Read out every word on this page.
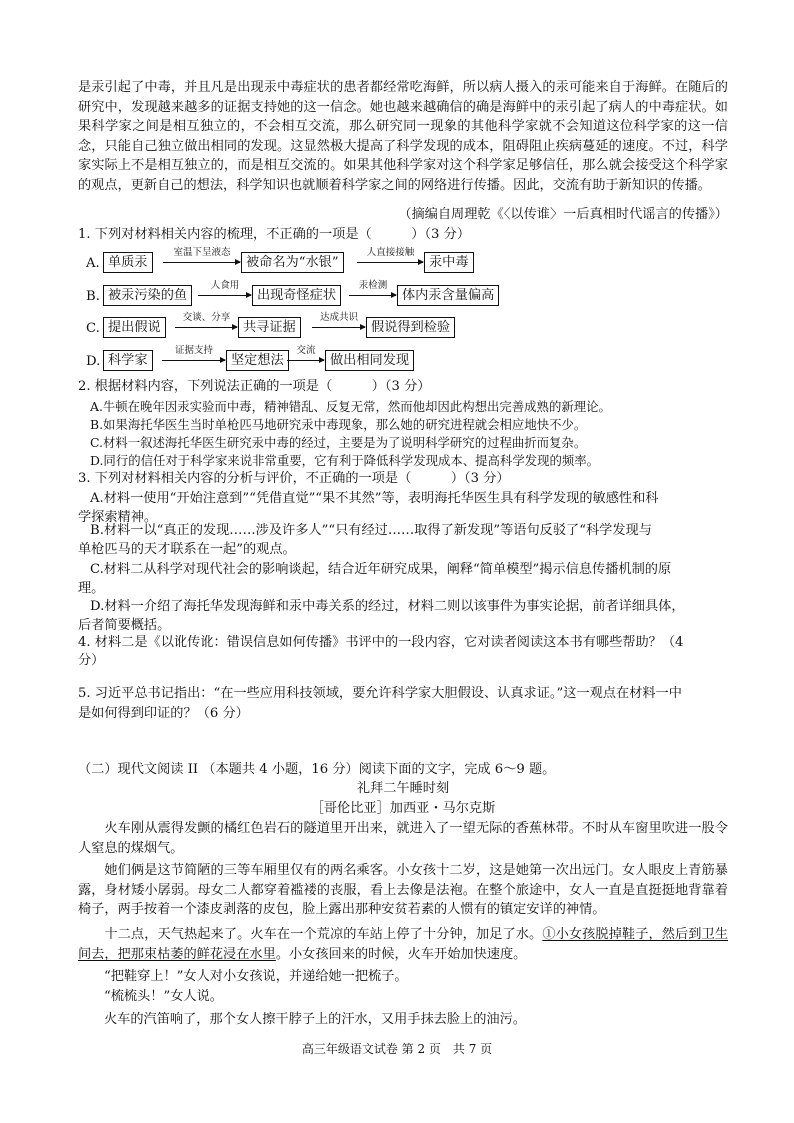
是汞引起了中毒，并且凡是出现汞中毒症状的患者都经常吃海鲜，所以病人摄入的汞可能来自于海鲜。在随后的研究中，发现越来越多的证据支持她的这一信念。她也越来越确信的确是海鲜中的汞引起了病人的中毒症状。如果科学家之间是相互独立的，不会相互交流，那么研究同一现象的其他科学家就不会知道这位科学家的这一信念，只能自己独立做出相同的发现。这显然极大提高了科学发现的成本，阻碍阻止疾病蔓延的速度。不过，科学家实际上不是相互独立的，而是相互交流的。如果其他科学家对这个科学家足够信任，那么就会接受这个科学家的观点，更新自己的想法，科学知识也就顺着科学家之间的网络进行传播。因此，交流有助于新知识的传播。

（摘编自周理乾《〈以传谁〉一后真相时代谣言的传播》）

1. 下列对材料相关内容的梳理，不正确的一项是（　　　）（3 分）

A. 单质汞
室温下呈液态
被命名为“水银”
人直接接触
汞中毒
B. 被汞污染的鱼
人食用
出现奇怪症状
汞检测
体内汞含量偏高
C. 提出假说
交谈、分享
共寻证据
达成共识
假说得到检验
D. 科学家
证据支持
坚定想法
交流
做出相同发现

2. 根据材料内容，下列说法正确的一项是（　　　）（3 分）

A.牛顿在晚年因汞实验而中毒，精神错乱、反复无常，然而他却因此构想出完善成熟的新理论。

B.如果海托华医生当时单枪匹马地研究汞中毒现象，那么她的研究进程就会相应地快不少。

C.材料一叙述海托华医生研究汞中毒的经过，主要是为了说明科学研究的过程曲折而复杂。

D.同行的信任对于科学家来说非常重要，它有利于降低科学发现成本、提高科学发现的频率。

3. 下列对材料相关内容的分析与评价，不正确的一项是（　　　）（3 分）

A.材料一使用“开始注意到”“凭借直觉”“果不其然”等，表明海托华医生具有科学发现的敏感性和科

学探索精神。

B.材料一以“真正的发现……涉及许多人”“只有经过……取得了新发现”等语句反驳了“科学发现与

单枪匹马的天才联系在一起”的观点。

C.材料二从科学对现代社会的影响谈起，结合近年研究成果，阐释“简单模型”揭示信息传播机制的原

理。

D.材料一介绍了海托华发现海鲜和汞中毒关系的经过，材料二则以该事件为事实论据，前者详细具体，

后者简要概括。

4. 材料二是《以讹传讹：错误信息如何传播》书评中的一段内容，它对读者阅读这本书有哪些帮助？（4

分）

5. 习近平总书记指出：“在一些应用科技领域，要允许科学家大胆假设、认真求证。”这一观点在材料一中

是如何得到印证的？（6 分）

（二）现代文阅读 II （本题共 4 小题，16 分）阅读下面的文字，完成 6～9 题。

礼拜二午睡时刻

［哥伦比亚］加西亚・马尔克斯

火车刚从震得发颤的橘红色岩石的隧道里开出来，就进入了一望无际的香蕉林带。不时从车窗里吹进一股令人窒息的煤烟气。

她们俩是这节简陋的三等车厢里仅有的两名乘客。小女孩十二岁，这是她第一次出远门。女人眼皮上青筋暴露，身材矮小孱弱。母女二人都穿着褴褛的丧服，看上去像是法袍。在整个旅途中，女人一直是直挺挺地背靠着椅子，两手按着一个漆皮剥落的皮包，脸上露出那种安贫若素的人惯有的镇定安详的神情。

十二点，天气热起来了。火车在一个荒凉的车站上停了十分钟，加足了水。①小女孩脱掉鞋子，然后到卫生间去，把那束枯萎的鲜花浸在水里。小女孩回来的时候，火车开始加快速度。

“把鞋穿上！”女人对小女孩说，并递给她一把梳子。

“梳梳头！”女人说。

火车的汽笛响了，那个女人擦干脖子上的汗水，又用手抹去脸上的油污。

高三年级语文试卷 第 2 页　共 7 页
